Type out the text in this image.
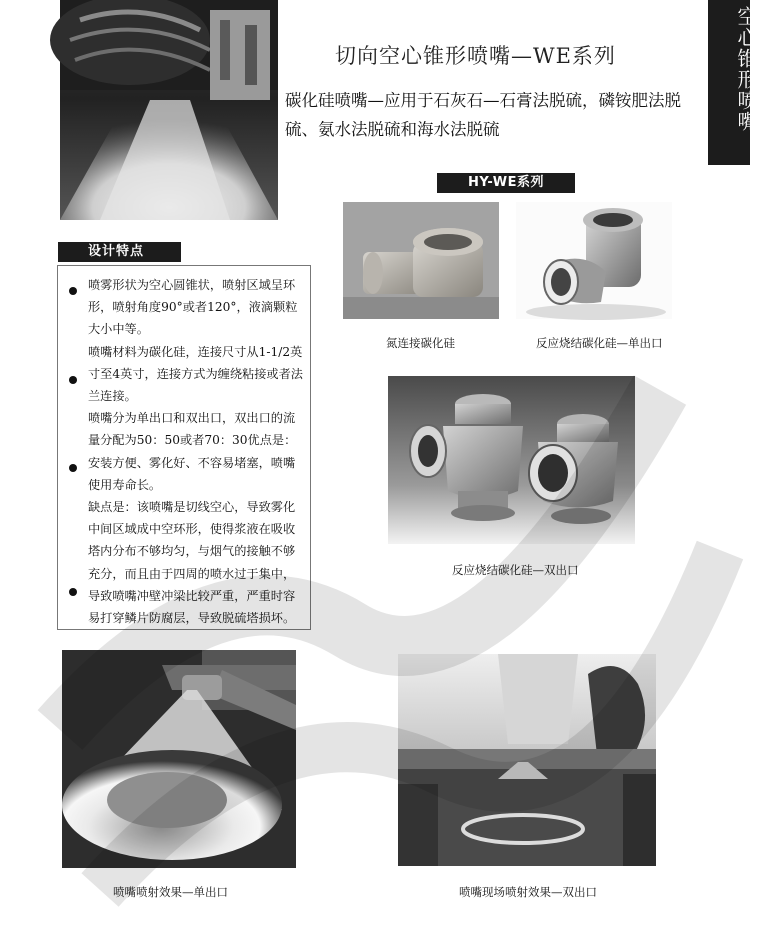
空心锥形喷嘴
切向空心锥形喷嘴—WE系列
碳化硅喷嘴—应用于石灰石—石膏法脱硫，磷铵肥法脱硫、氨水法脱硫和海水法脱硫
HY-WE系列
氮连接碳化硅	反应烧结碳化硅—单出口
反应烧结碳化硅—双出口
设计特点

喷雾形状为空心圆锥状，喷射区域呈环形，喷射角度90°或者120°，液滴颗粒大小中等。

喷嘴材料为碳化硅，连接尺寸从1-1/2英寸至4英寸，连接方式为缠绕粘接或者法兰连接。

喷嘴分为单出口和双出口，双出口的流量分配为50：50或者70：30优点是：安装方便、雾化好、不容易堵塞，喷嘴使用寿命长。

缺点是：该喷嘴是切线空心，导致雾化中间区域成中空环形，使得浆液在吸收塔内分布不够均匀，与烟气的接触不够充分，而且由于四周的喷水过于集中，导致喷嘴冲壁冲梁比较严重，严重时容易打穿鳞片防腐层，导致脱硫塔损坏。

喷嘴喷射效果—单出口	喷嘴现场喷射效果—双出口
